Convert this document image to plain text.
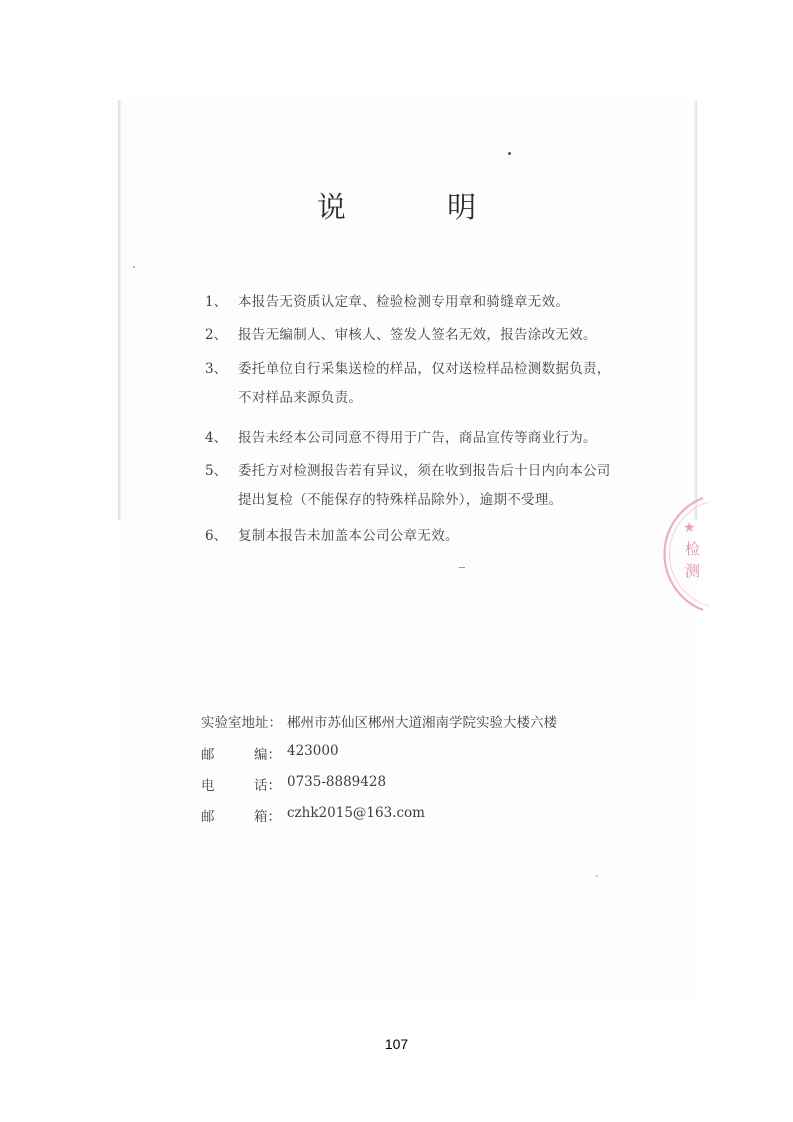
说 明
1、 本报告无资质认定章、检验检测专用章和骑缝章无效。
2、 报告无编制人、审核人、签发人签名无效，报告涂改无效。
3、 委托单位自行采集送检的样品，仅对送检样品检测数据负责，
不对样品来源负责。
4、 报告未经本公司同意不得用于广告，商品宣传等商业行为。
5、 委托方对检测报告若有异议，须在收到报告后十日内向本公司
提出复检（不能保存的特殊样品除外），逾期不受理。
6、 复制本报告未加盖本公司公章无效。
实验室地址： 郴州市苏仙区郴州大道湘南学院实验大楼六楼
邮	编： 423000
电	话： 0735-8889428
邮	箱： czhk2015@163.com
★
检
测
107
